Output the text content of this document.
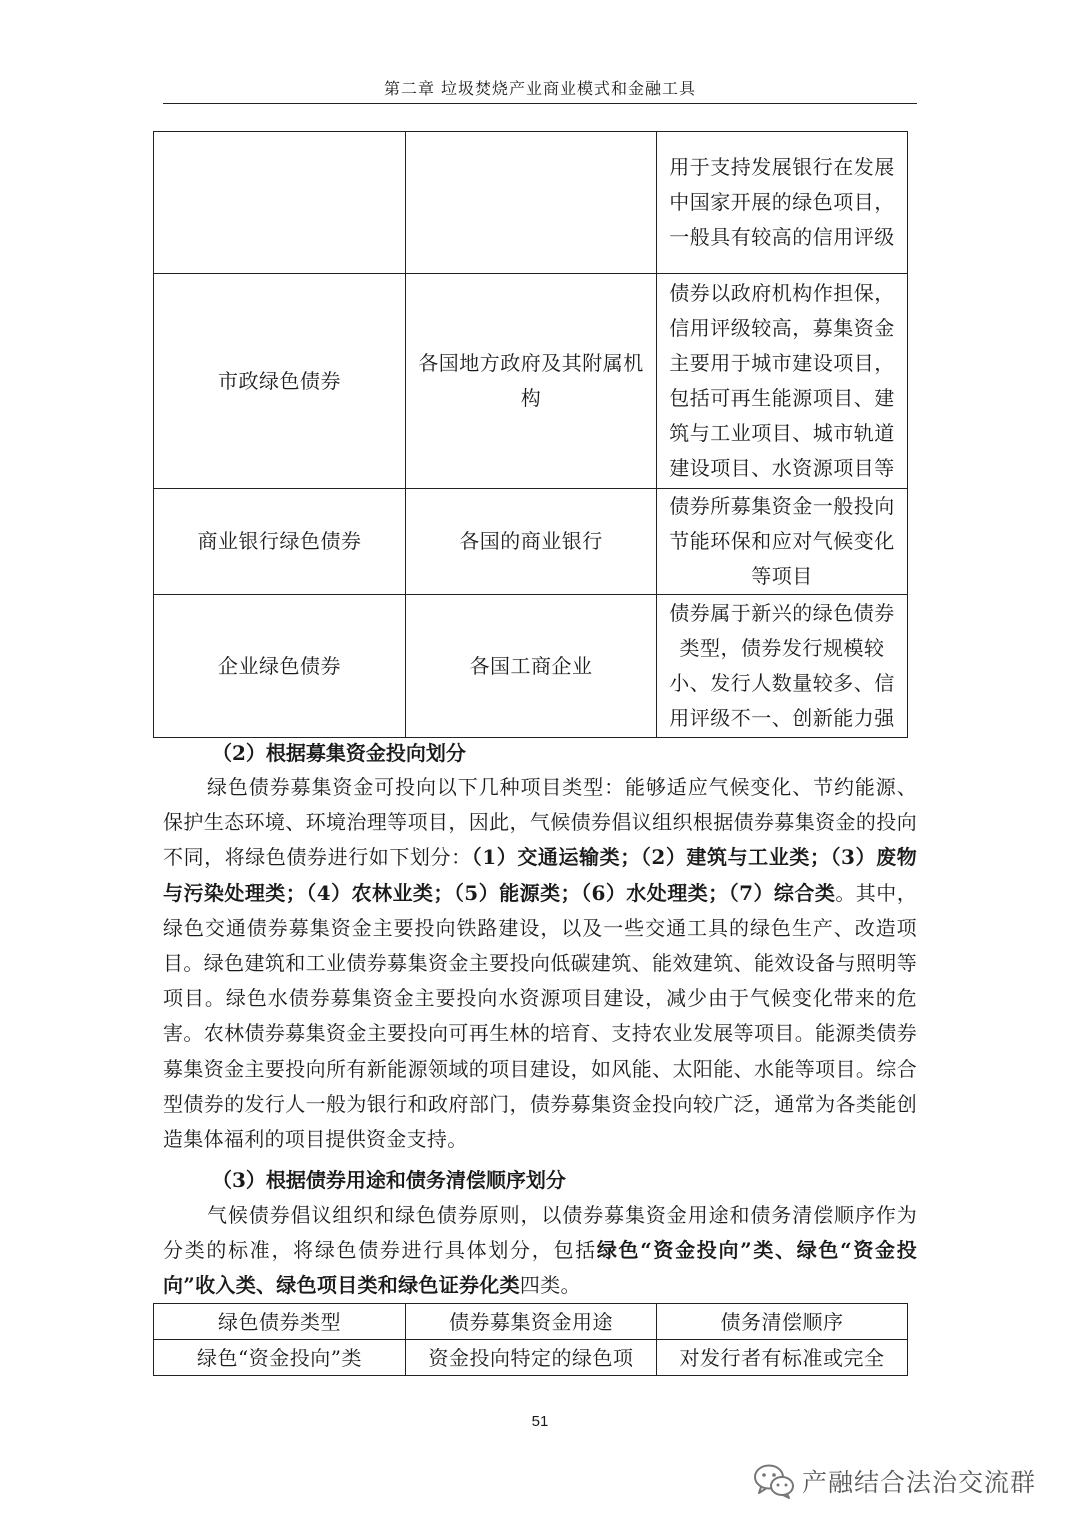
第二章 垃圾焚烧产业商业模式和金融工具
		用于支持发展银行在发展中国家开展的绿色项目，一般具有较高的信用评级
市政绿色债券	各国地方政府及其附属机构	债券以政府机构作担保，信用评级较高，募集资金主要用于城市建设项目，包括可再生能源项目、建筑与工业项目、城市轨道建设项目、水资源项目等
商业银行绿色债券	各国的商业银行	债券所募集资金一般投向节能环保和应对气候变化等项目
企业绿色债券	各国工商企业	债券属于新兴的绿色债券类型，债券发行规模较小、发行人数量较多、信用评级不一、创新能力强
（2）根据募集资金投向划分
绿色债券募集资金可投向以下几种项目类型：能够适应气候变化、节约能源、保护生态环境、环境治理等项目，因此，气候债券倡议组织根据债券募集资金的投向不同，将绿色债券进行如下划分：（1）交通运输类；（2）建筑与工业类；（3）废物与污染处理类；（4）农林业类；（5）能源类；（6）水处理类；（7）综合类。其中，绿色交通债券募集资金主要投向铁路建设，以及一些交通工具的绿色生产、改造项目。绿色建筑和工业债券募集资金主要投向低碳建筑、能效建筑、能效设备与照明等项目。绿色水债券募集资金主要投向水资源项目建设，减少由于气候变化带来的危害。农林债券募集资金主要投向可再生林的培育、支持农业发展等项目。能源类债券募集资金主要投向所有新能源领域的项目建设，如风能、太阳能、水能等项目。综合型债券的发行人一般为银行和政府部门，债券募集资金投向较广泛，通常为各类能创造集体福利的项目提供资金支持。
（3）根据债券用途和债务清偿顺序划分
气候债券倡议组织和绿色债券原则，以债券募集资金用途和债务清偿顺序作为分类的标准，将绿色债券进行具体划分，包括绿色“资金投向”类、绿色“资金投向”收入类、绿色项目类和绿色证券化类四类。
绿色债券类型	债券募集资金用途	债务清偿顺序
绿色“资金投向”类	资金投向特定的绿色项	对发行者有标准或完全
51
产融结合法治交流群
